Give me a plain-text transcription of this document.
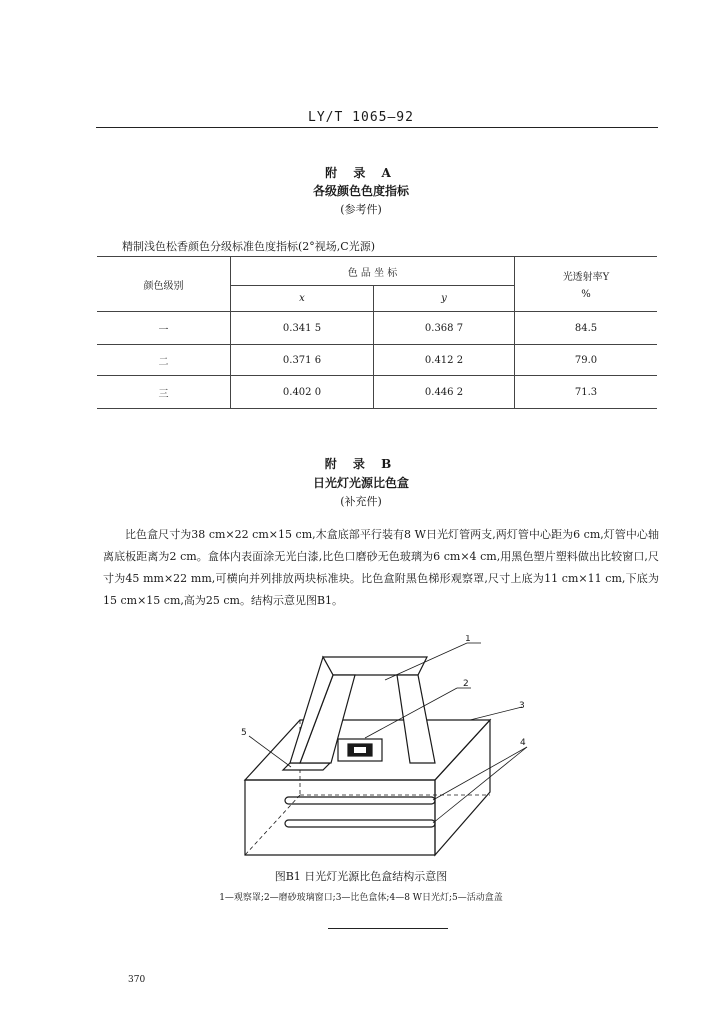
LY/T 1065—92
附 录 A
各级颜色色度指标
(参考件)
精制浅色松香颜色分级标准色度指标(2°视场,C光源)
颜色级别	色 品 坐 标		光透射率Y
%

	x	y	
一	0.341 5	0.368 7	84.5
二	0.371 6	0.412 2	79.0
三	0.402 0	0.446 2	71.3
附 录 B
日光灯光源比色盒
(补充件)
比色盒尺寸为38 cm×22 cm×15 cm,木盒底部平行装有8 W日光灯管两支,两灯管中心距为6 cm,灯管中心轴离底板距离为2 cm。盒体内表面涂无光白漆,比色口磨砂无色玻璃为6 cm×4 cm,用黑色塑片塑料做出比较窗口,尺寸为45 mm×22 mm,可横向并列排放两块标准块。比色盒附黑色梯形观察罩,尺寸上底为11 cm×11 cm,下底为15 cm×15 cm,高为25 cm。结构示意见图B1。
1
2
3
4
5
图B1 日光灯光源比色盒结构示意图
1—观察罩;2—磨砂玻璃窗口;3—比色盒体;4—8 W日光灯;5—活动盒盖
370
